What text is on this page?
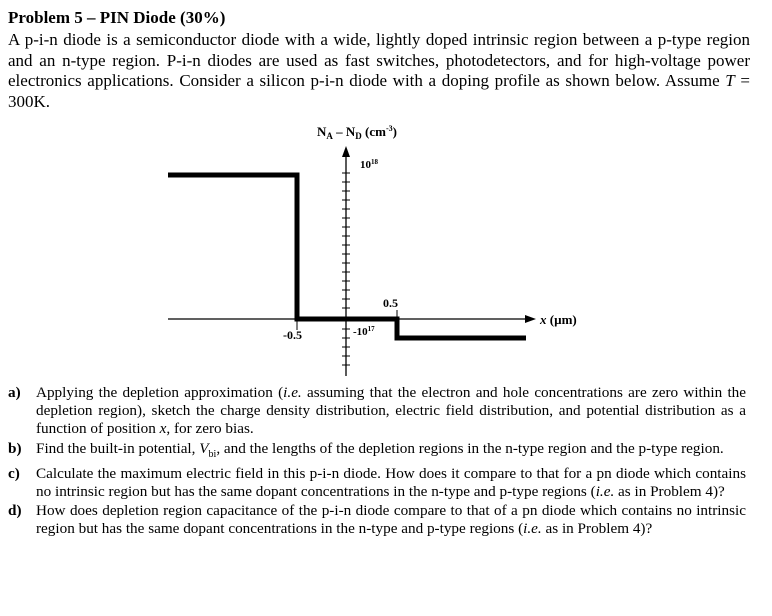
Problem 5 – PIN Diode (30%)
A p-i-n diode is a semiconductor diode with a wide, lightly doped intrinsic region between a p-type region and an n-type region. P-i-n diodes are used as fast switches, photodetectors, and for high-voltage power electronics applications. Consider a silicon p-i-n diode with a doping profile as shown below. Assume T = 300K.
$N_A - N_D$ $(cm^{-3})$
$10^{18}$
$-10^{17}$
-0.5
0.5
x (µm)
a)	Applying the depletion approximation (i.e. assuming that the electron and hole concentrations are zero within the depletion region), sketch the charge density distribution, electric field distribution, and potential distribution as a function of position x, for zero bias.
b) Find the built-in potential, $V_{bi}$, and the lengths of the depletion regions in the n-type region and the p-type region.
c)	Calculate the maximum electric field in this p-i-n diode. How does it compare to that for a pn diode which contains no intrinsic region but has the same dopant concentrations in the n-type and p-type regions (i.e. as in Problem 4)?
d) How does depletion region capacitance of the p-i-n diode compare to that of a pn diode which contains no intrinsic region but has the same dopant concentrations in the n-type and p-type regions (i.e. as in Problem 4)?
